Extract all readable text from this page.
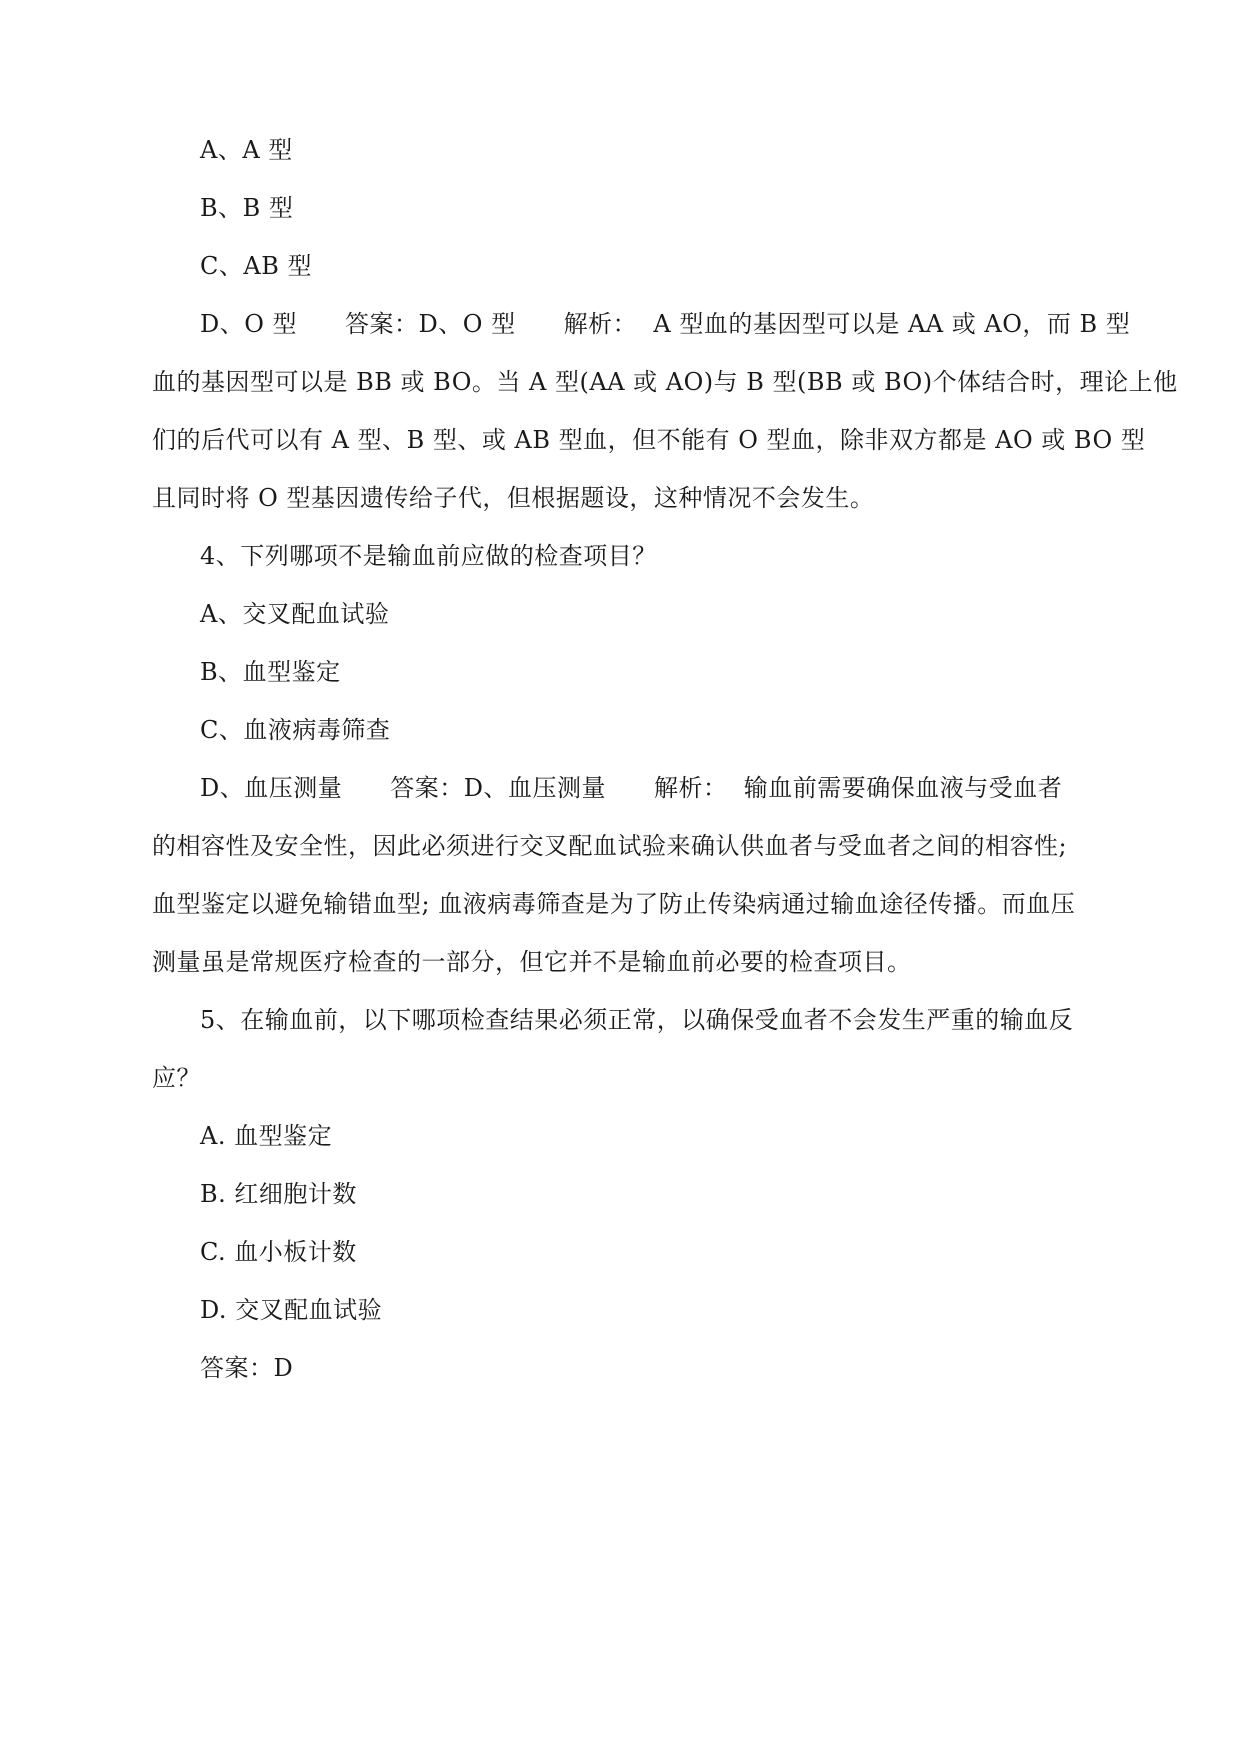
A、A 型
B、B 型
C、AB 型
D、O 型 答案：D、O 型 解析： A 型血的基因型可以是 AA 或 AO，而 B 型
血的基因型可以是 BB 或 BO。当 A 型(AA 或 AO)与 B 型(BB 或 BO)个体结合时，理论上他
们的后代可以有 A 型、B 型、或 AB 型血，但不能有 O 型血，除非双方都是 AO 或 BO 型
且同时将 O 型基因遗传给子代，但根据题设，这种情况不会发生。
4、下列哪项不是输血前应做的检查项目？
A、交叉配血试验
B、血型鉴定
C、血液病毒筛查
D、血压测量 答案：D、血压测量 解析： 输血前需要确保血液与受血者
的相容性及安全性，因此必须进行交叉配血试验来确认供血者与受血者之间的相容性;
血型鉴定以避免输错血型; 血液病毒筛查是为了防止传染病通过输血途径传播。而血压
测量虽是常规医疗检查的一部分，但它并不是输血前必要的检查项目。
5、在输血前，以下哪项检查结果必须正常，以确保受血者不会发生严重的输血反
应？
A. 血型鉴定
B. 红细胞计数
C. 血小板计数
D. 交叉配血试验
答案：D
